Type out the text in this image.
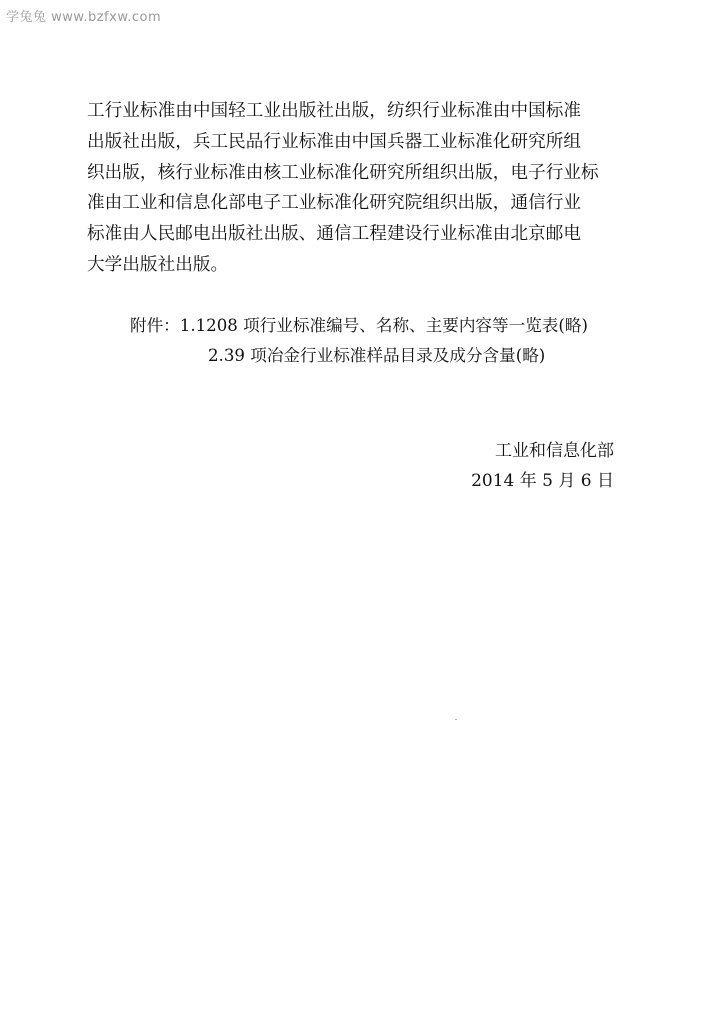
学兔兔 www.bzfxw.com
工行业标准由中国轻工业出版社出版，纺织行业标准由中国标准
出版社出版，兵工民品行业标准由中国兵器工业标准化研究所组
织出版，核行业标准由核工业标准化研究所组织出版，电子行业标
准由工业和信息化部电子工业标准化研究院组织出版，通信行业
标准由人民邮电出版社出版、通信工程建设行业标准由北京邮电
大学出版社出版。
附件：1.1208 项行业标准编号、名称、主要内容等一览表(略)
2.39 项冶金行业标准样品目录及成分含量(略)
工业和信息化部
2014 年 5 月 6 日
